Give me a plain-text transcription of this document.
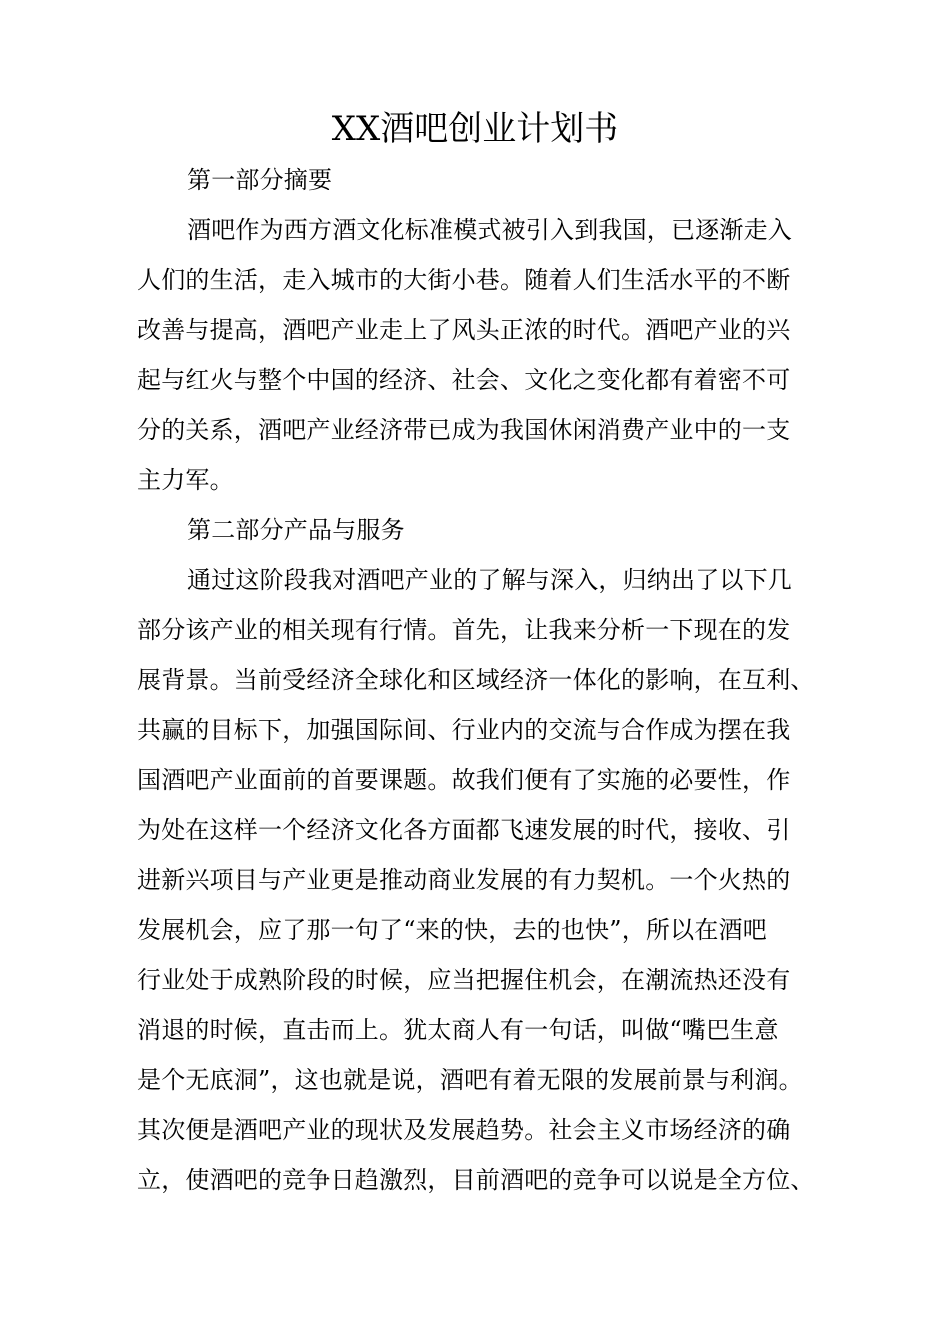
XX酒吧创业计划书
第一部分摘要
酒吧作为西方酒文化标准模式被引入到我国，已逐渐走入
人们的生活，走入城市的大街小巷。随着人们生活水平的不断
改善与提高，酒吧产业走上了风头正浓的时代。酒吧产业的兴
起与红火与整个中国的经济、社会、文化之变化都有着密不可
分的关系，酒吧产业经济带已成为我国休闲消费产业中的一支
主力军。
第二部分产品与服务
通过这阶段我对酒吧产业的了解与深入，归纳出了以下几
部分该产业的相关现有行情。首先，让我来分析一下现在的发
展背景。当前受经济全球化和区域经济一体化的影响，在互利、
共赢的目标下，加强国际间、行业内的交流与合作成为摆在我
国酒吧产业面前的首要课题。故我们便有了实施的必要性，作
为处在这样一个经济文化各方面都飞速发展的时代，接收、引
进新兴项目与产业更是推动商业发展的有力契机。一个火热的
发展机会，应了那一句了“来的快，去的也快”，所以在酒吧
行业处于成熟阶段的时候，应当把握住机会，在潮流热还没有
消退的时候，直击而上。犹太商人有一句话，叫做“嘴巴生意
是个无底洞”，这也就是说，酒吧有着无限的发展前景与利润。
其次便是酒吧产业的现状及发展趋势。社会主义市场经济的确
立，使酒吧的竞争日趋激烈，目前酒吧的竞争可以说是全方位、
